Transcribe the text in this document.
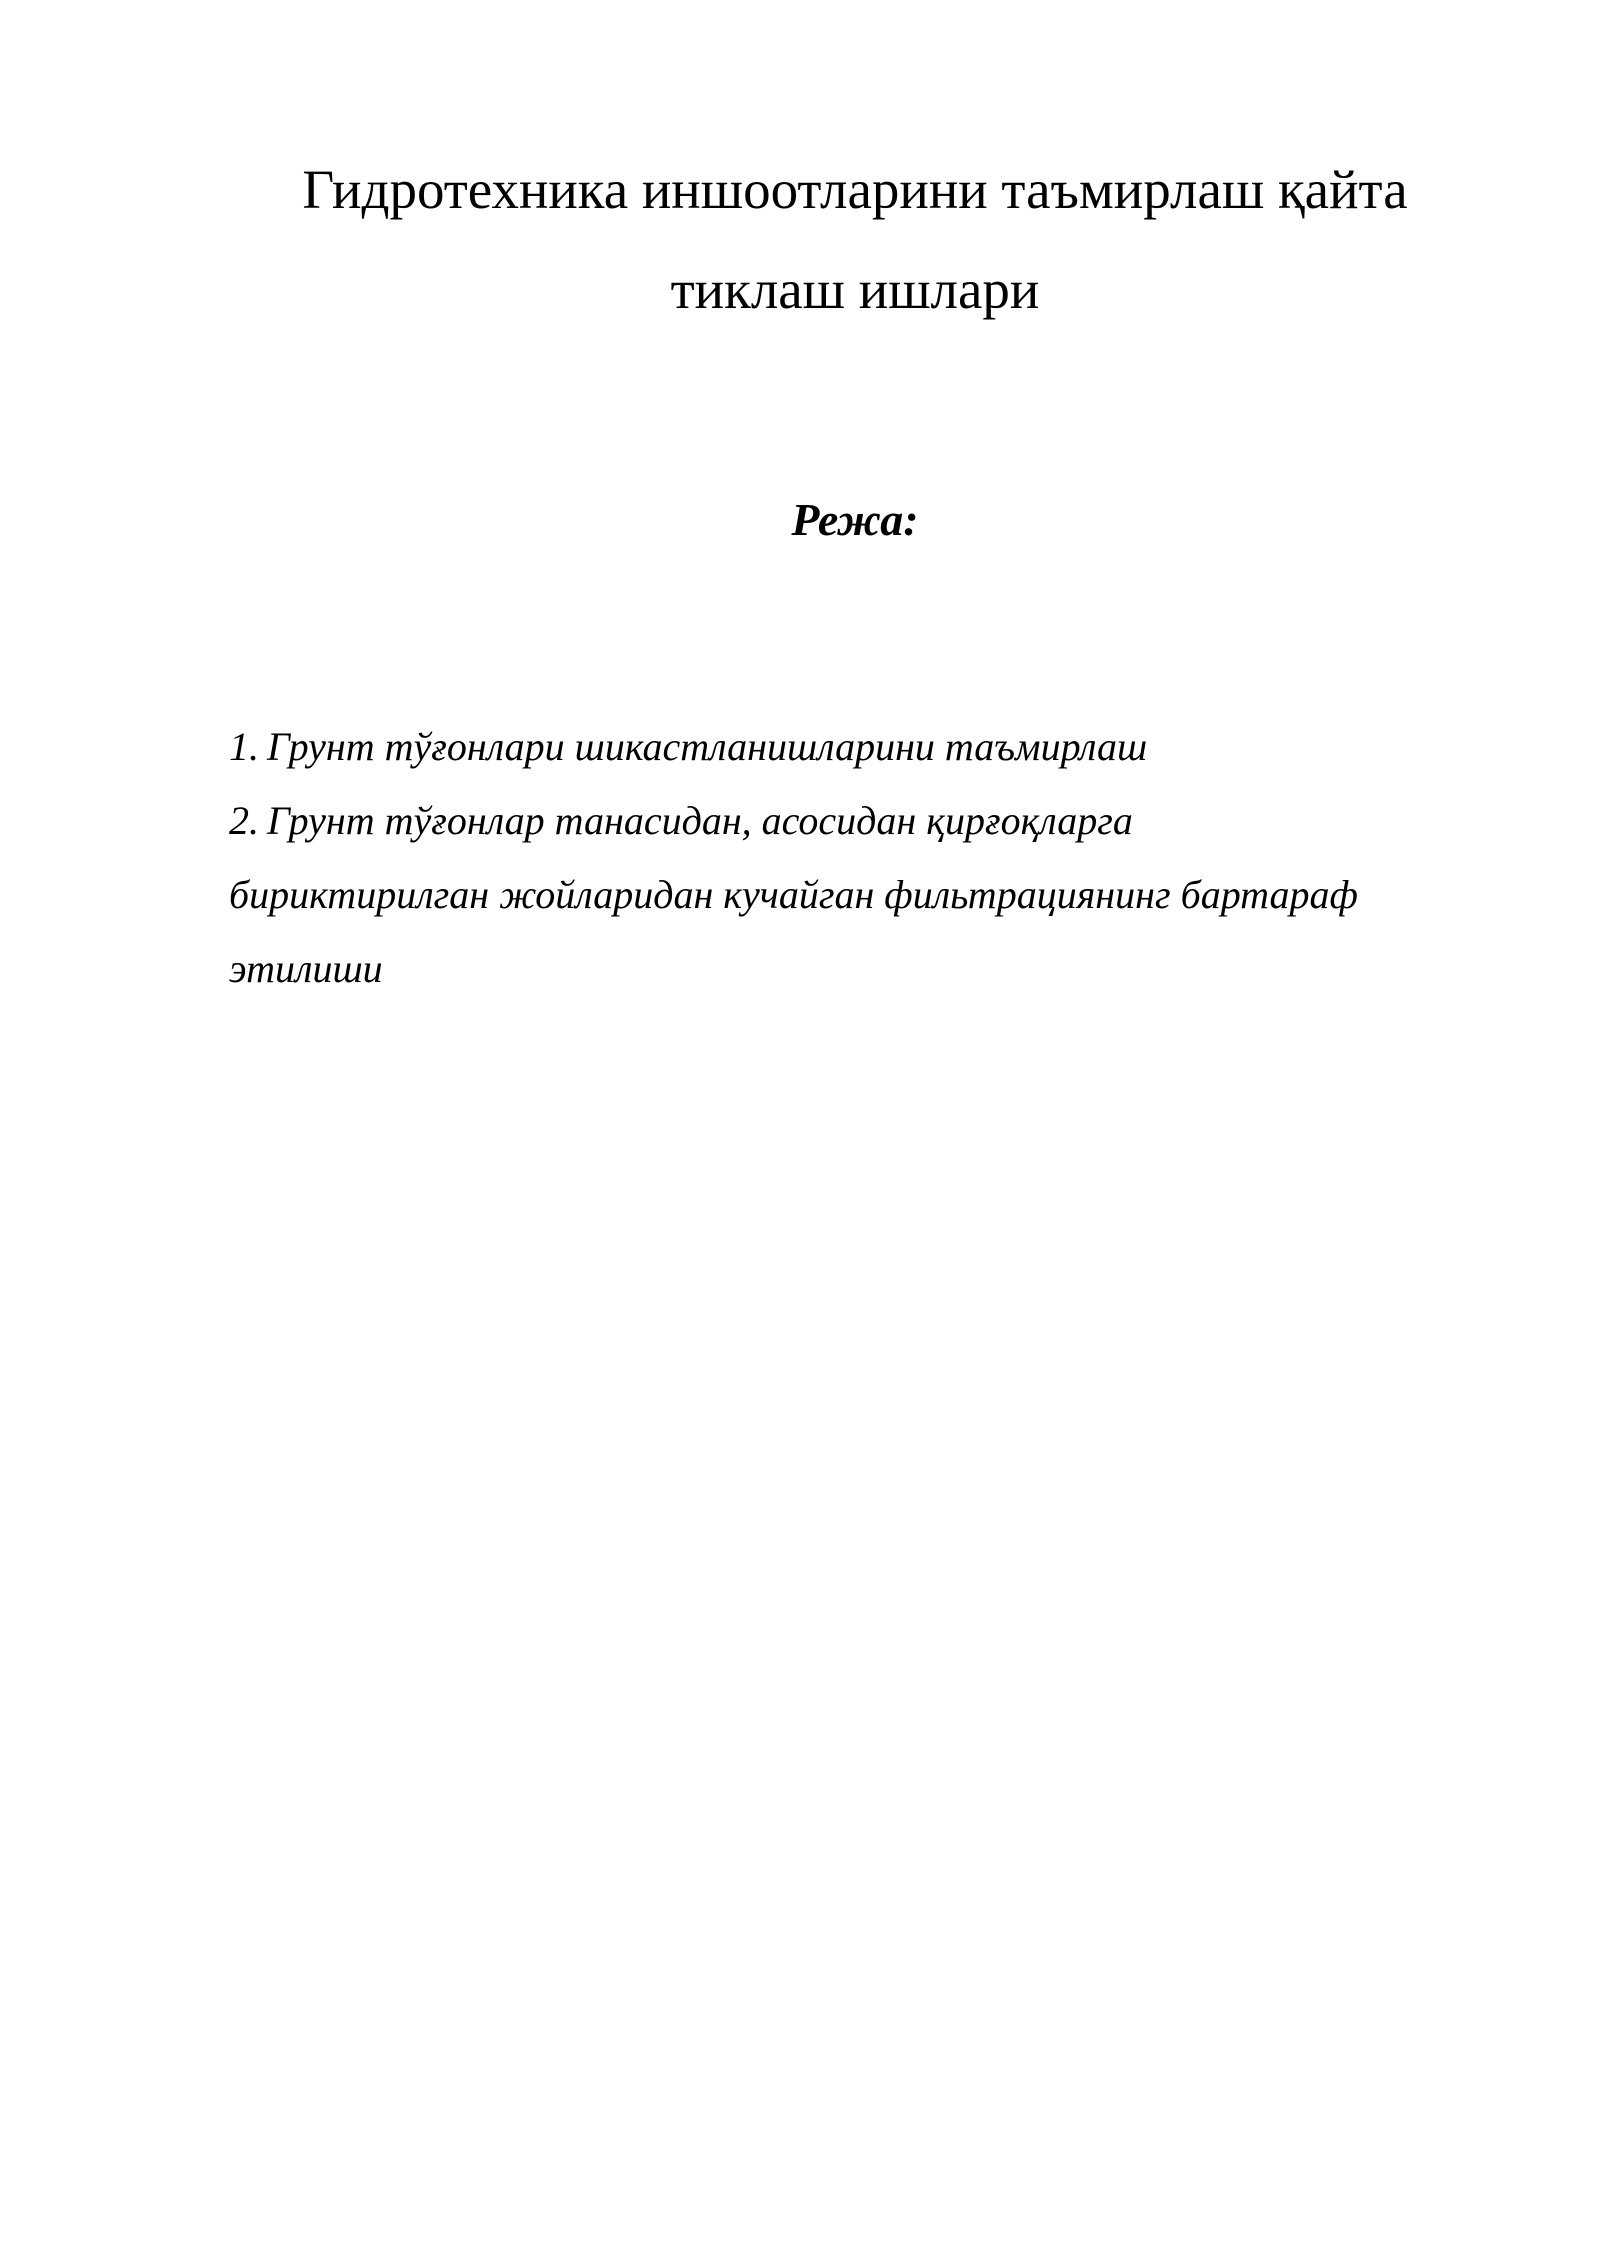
Гидротехника иншоотларини таъмирлаш қайта
тиклаш ишлари
Режа:
1. Грунт тўғонлари шикастланишларини таъмирлаш
2. Грунт тўғонлар танасидан, асосидан қирғоқларга
бириктирилган жойларидан кучайган фильтрациянинг бартараф
этилиши
